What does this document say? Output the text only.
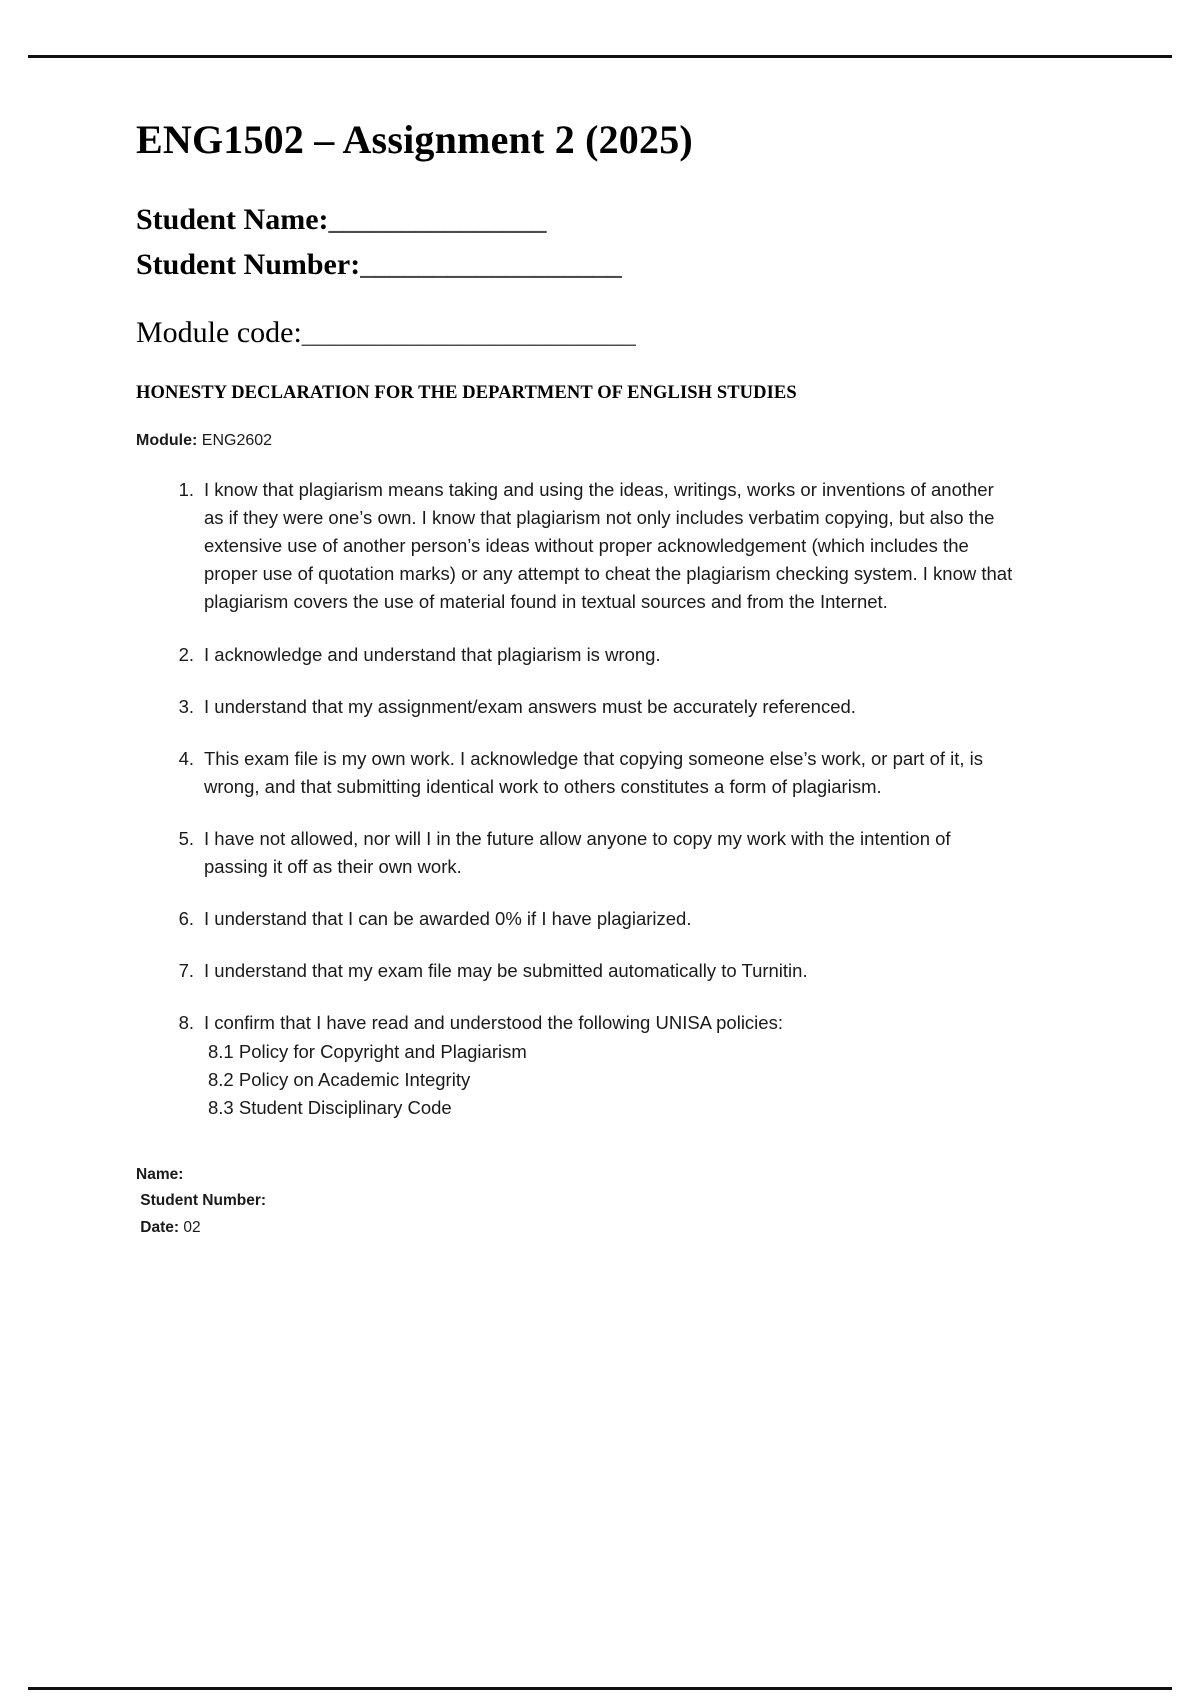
ENG1502 – Assignment 2 (2025)
Student Name:_______________
Student Number:__________________
Module code:_______________________
HONESTY DECLARATION FOR THE DEPARTMENT OF ENGLISH STUDIES
Module: ENG2602
I know that plagiarism means taking and using the ideas, writings, works or inventions of another as if they were one’s own. I know that plagiarism not only includes verbatim copying, but also the extensive use of another person’s ideas without proper acknowledgement (which includes the proper use of quotation marks) or any attempt to cheat the plagiarism checking system. I know that plagiarism covers the use of material found in textual sources and from the Internet.
I acknowledge and understand that plagiarism is wrong.
I understand that my assignment/exam answers must be accurately referenced.
This exam file is my own work. I acknowledge that copying someone else’s work, or part of it, is wrong, and that submitting identical work to others constitutes a form of plagiarism.
I have not allowed, nor will I in the future allow anyone to copy my work with the intention of passing it off as their own work.
I understand that I can be awarded 0% if I have plagiarized.
I understand that my exam file may be submitted automatically to Turnitin.
I confirm that I have read and understood the following UNISA policies:
8.1 Policy for Copyright and Plagiarism
8.2 Policy on Academic Integrity
8.3 Student Disciplinary Code
Name:
Student Number:
Date: 02
